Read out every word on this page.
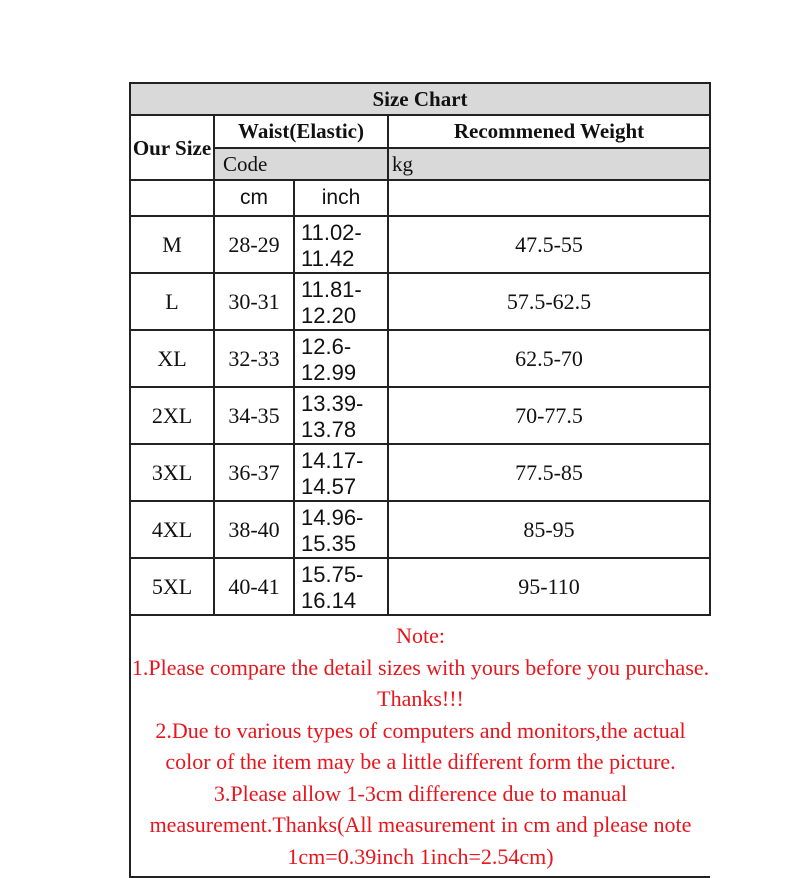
Size Chart			
Our Size	Waist(Elastic)		Recommened Weight
	Code		kg
	cm	inch	
M	28-29	11.02-11.42	47.5-55
L	30-31	11.81-12.20	57.5-62.5
XL	32-33	12.6-12.99	62.5-70
2XL	34-35	13.39-13.78	70-77.5
3XL	36-37	14.17-14.57	77.5-85
4XL	38-40	14.96-15.35	85-95
5XL	40-41	15.75-16.14	95-110

Note:

1.Please compare the detail sizes with yours before you purchase. Thanks!!!

2.Due to various types of computers and monitors,the actual color of the item may be a little different form the picture.

3.Please allow 1-3cm difference due to manual measurement.Thanks(All measurement in cm and please note 1cm=0.39inch 1inch=2.54cm)			
